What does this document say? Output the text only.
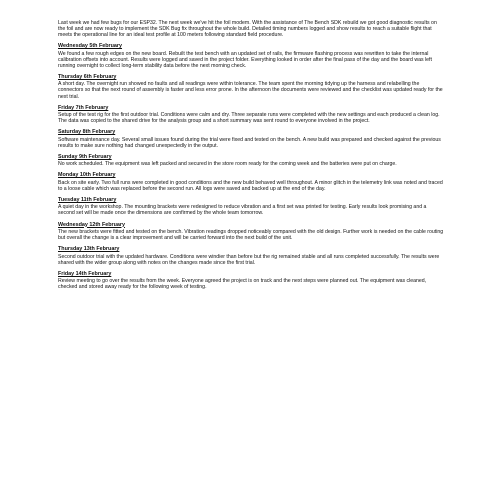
Last week we had few bugs for our ESP32. The next week we've hit the foil modem. With the assistance of The Bench SDK rebuild we got good diagnostic results on the foil and are now ready to implement the SDK Bug fix throughout the whole build. Detailed timing numbers logged and show results to reach a suitable flight that meets the operational line for an ideal test profile at 100 meters following standard field procedure.

Wednesday 5th February

We found a few rough edges on the new board. Rebuilt the test bench with an updated set of rails, the firmware flashing process was rewritten to take the internal calibration offsets into account. Results were logged and saved in the project folder. Everything looked in order after the final pass of the day and the board was left running overnight to collect long-term stability data before the next morning check.

Thursday 6th February

A short day. The overnight run showed no faults and all readings were within tolerance. The team spent the morning tidying up the harness and relabelling the connectors so that the next round of assembly is faster and less error prone. In the afternoon the documents were reviewed and the checklist was updated ready for the next trial.

Friday 7th February

Setup of the test rig for the first outdoor trial. Conditions were calm and dry. Three separate runs were completed with the new settings and each produced a clean log. The data was copied to the shared drive for the analysis group and a short summary was sent round to everyone involved in the project.

Saturday 8th February

Software maintenance day. Several small issues found during the trial were fixed and tested on the bench. A new build was prepared and checked against the previous results to make sure nothing had changed unexpectedly in the output.

Sunday 9th February

No work scheduled. The equipment was left packed and secured in the store room ready for the coming week and the batteries were put on charge.

Monday 10th February

Back on site early. Two full runs were completed in good conditions and the new build behaved well throughout. A minor glitch in the telemetry link was noted and traced to a loose cable which was replaced before the second run. All logs were saved and backed up at the end of the day.

Tuesday 11th February

A quiet day in the workshop. The mounting brackets were redesigned to reduce vibration and a first set was printed for testing. Early results look promising and a second set will be made once the dimensions are confirmed by the whole team tomorrow.

Wednesday 12th February

The new brackets were fitted and tested on the bench. Vibration readings dropped noticeably compared with the old design. Further work is needed on the cable routing but overall the change is a clear improvement and will be carried forward into the next build of the unit.

Thursday 13th February

Second outdoor trial with the updated hardware. Conditions were windier than before but the rig remained stable and all runs completed successfully. The results were shared with the wider group along with notes on the changes made since the first trial.

Friday 14th February

Review meeting to go over the results from the week. Everyone agreed the project is on track and the next steps were planned out. The equipment was cleaned, checked and stored away ready for the following week of testing.
